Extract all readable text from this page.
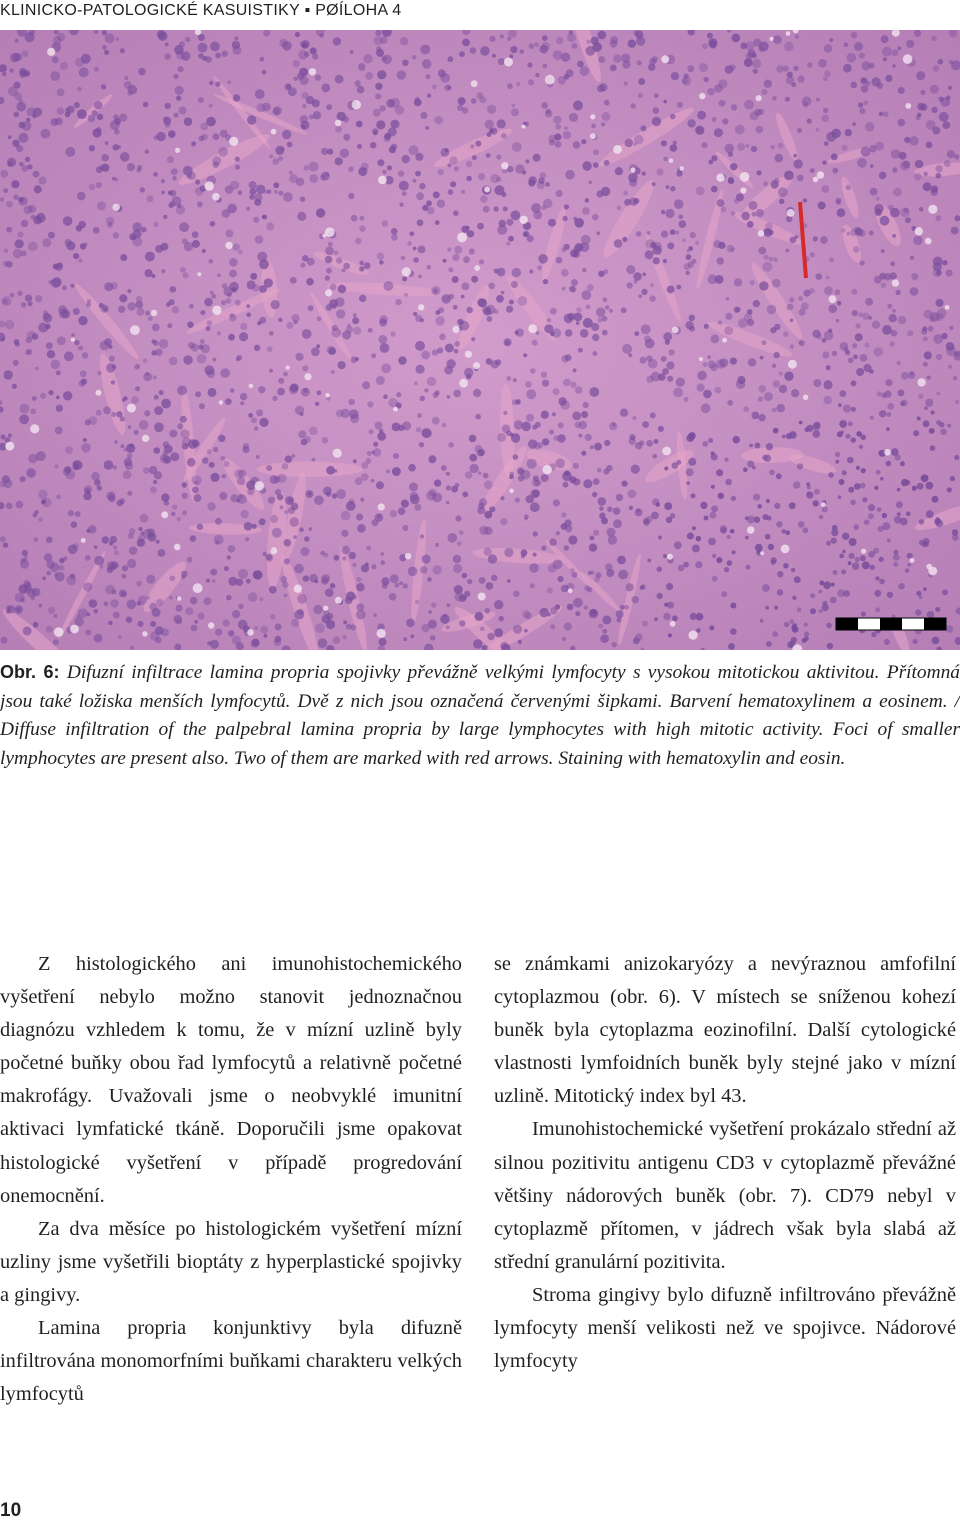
KLINICKO-PATOLOGICKÉ KASUISTIKY ▪ PØÍLOHA 4
Obr. 6: Difuzní infiltrace lamina propria spojivky převážně velkými lymfocyty s vysokou mitotickou aktivitou. Přítomná jsou také ložiska menších lymfocytů. Dvě z nich jsou označená červenými šipkami. Barvení hematoxylinem a eosinem. / Diffuse infiltration of the palpebral lamina propria by large lymphocytes with high mitotic activity. Foci of smaller lymphocytes are present also. Two of them are marked with red arrows. Staining with hematoxylin and eosin.

Z histologického ani imunohistochemického vyšetření nebylo možno stanovit jednoznačnou diagnózu vzhledem k tomu, že v mízní uzlině byly početné buňky obou řad lymfocytů a relativně početné makrofágy. Uvažovali jsme o neobvyklé imunitní aktivaci lymfatické tkáně. Doporučili jsme opakovat histologické vyšetření v případě progredování onemocnění.

Za dva měsíce po histologickém vyšetření mízní uzliny jsme vyšetřili bioptáty z hyperplastické spojivky a gingivy.

Lamina propria konjunktivy byla difuzně infiltrována monomorfními buňkami charakteru velkých lymfocytů

se známkami anizokaryózy a nevýraznou amfofilní cytoplazmou (obr. 6). V místech se sníženou kohezí buněk byla cytoplazma eozinofilní. Další cytologické vlastnosti lymfoidních buněk byly stejné jako v mízní uzlině. Mitotický index byl 43.

Imunohistochemické vyšetření prokázalo střední až silnou pozitivitu antigenu CD3 v cytoplazmě převážné většiny nádorových buněk (obr. 7). CD79 nebyl v cytoplazmě přítomen, v jádrech však byla slabá až střední granulární pozitivita.

Stroma gingivy bylo difuzně infiltrováno převážně lymfocyty menší velikosti než ve spojivce. Nádorové lymfocyty

10
